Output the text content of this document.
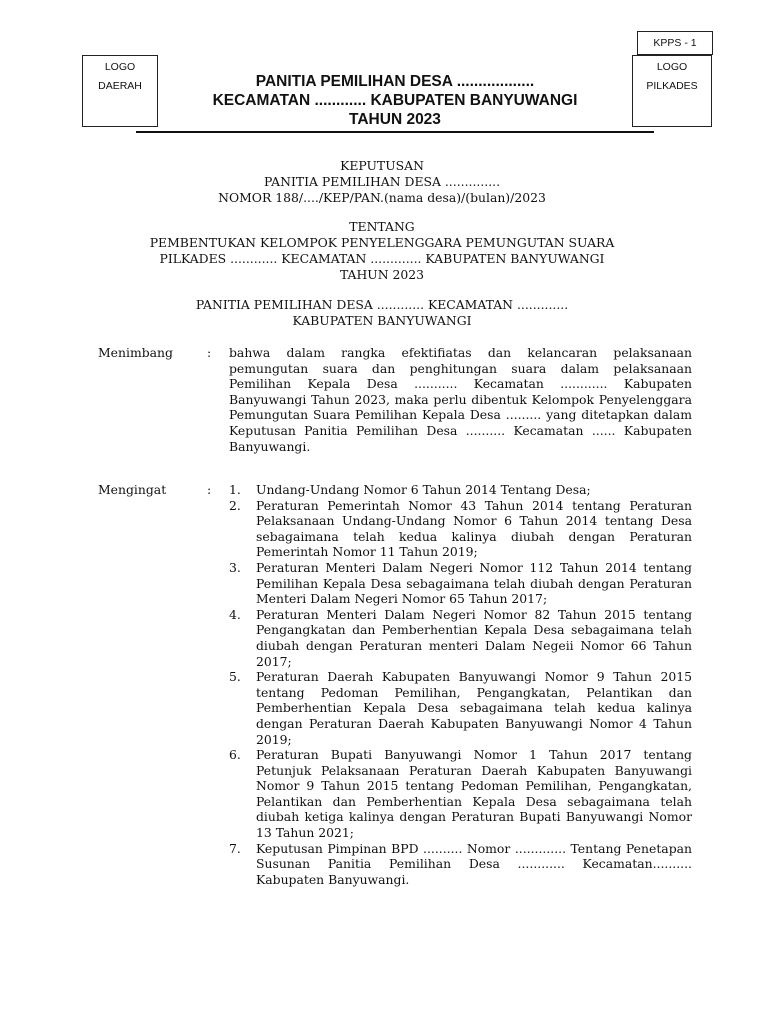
KPPS - 1
LOGO
DAERAH
LOGO
PILKADES
PANITIA PEMILIHAN DESA ..................
KECAMATAN ............ KABUPATEN BANYUWANGI
TAHUN 2023
KEPUTUSAN
PANITIA PEMILIHAN DESA ..............
NOMOR 188/..../KEP/PAN.(nama desa)/(bulan)/2023
TENTANG
PEMBENTUKAN KELOMPOK PENYELENGGARA PEMUNGUTAN SUARA
PILKADES ............ KECAMATAN ............. KABUPATEN BANYUWANGI
TAHUN 2023
PANITIA PEMILIHAN DESA ............ KECAMATAN .............
KABUPATEN BANYUWANGI
Menimbang	: bahwa dalam rangka efektifiatas dan kelancaran pelaksanaan pemungutan suara dan penghitungan suara dalam pelaksanaan Pemilihan Kepala Desa ........... Kecamatan ............ Kabupaten Banyuwangi Tahun 2023, maka perlu dibentuk Kelompok Penyelenggara Pemungutan Suara Pemilihan Kepala Desa ......... yang ditetapkan dalam Keputusan Panitia Pemilihan Desa .......... Kecamatan ...... Kabupaten Banyuwangi.

Mengingat	: 1. Undang-Undang Nomor 6 Tahun 2014 Tentang Desa;
2. Peraturan Pemerintah Nomor 43 Tahun 2014 tentang Peraturan Pelaksanaan Undang-Undang Nomor 6 Tahun 2014 tentang Desa sebagaimana telah kedua kalinya diubah dengan Peraturan Pemerintah Nomor 11 Tahun 2019;
3. Peraturan Menteri Dalam Negeri Nomor 112 Tahun 2014 tentang Pemilihan Kepala Desa sebagaimana telah diubah dengan Peraturan Menteri Dalam Negeri Nomor 65 Tahun 2017;
4. Peraturan Menteri Dalam Negeri Nomor 82 Tahun 2015 tentang Pengangkatan dan Pemberhentian Kepala Desa sebagaimana telah diubah dengan Peraturan menteri Dalam Negeii Nomor 66 Tahun 2017;
5. Peraturan Daerah Kabupaten Banyuwangi Nomor 9 Tahun 2015 tentang Pedoman Pemilihan, Pengangkatan, Pelantikan dan Pemberhentian Kepala Desa sebagaimana telah kedua kalinya dengan Peraturan Daerah Kabupaten Banyuwangi Nomor 4 Tahun 2019;
6. Peraturan Bupati Banyuwangi Nomor 1 Tahun 2017 tentang Petunjuk Pelaksanaan Peraturan Daerah Kabupaten Banyuwangi Nomor 9 Tahun 2015 tentang Pedoman Pemilihan, Pengangkatan, Pelantikan dan Pemberhentian Kepala Desa sebagaimana telah diubah ketiga kalinya dengan Peraturan Bupati Banyuwangi Nomor 13 Tahun 2021;
7. Keputusan Pimpinan BPD .......... Nomor ............. Tentang Penetapan Susunan Panitia Pemilihan Desa ............ Kecamatan.......... Kabupaten Banyuwangi.
